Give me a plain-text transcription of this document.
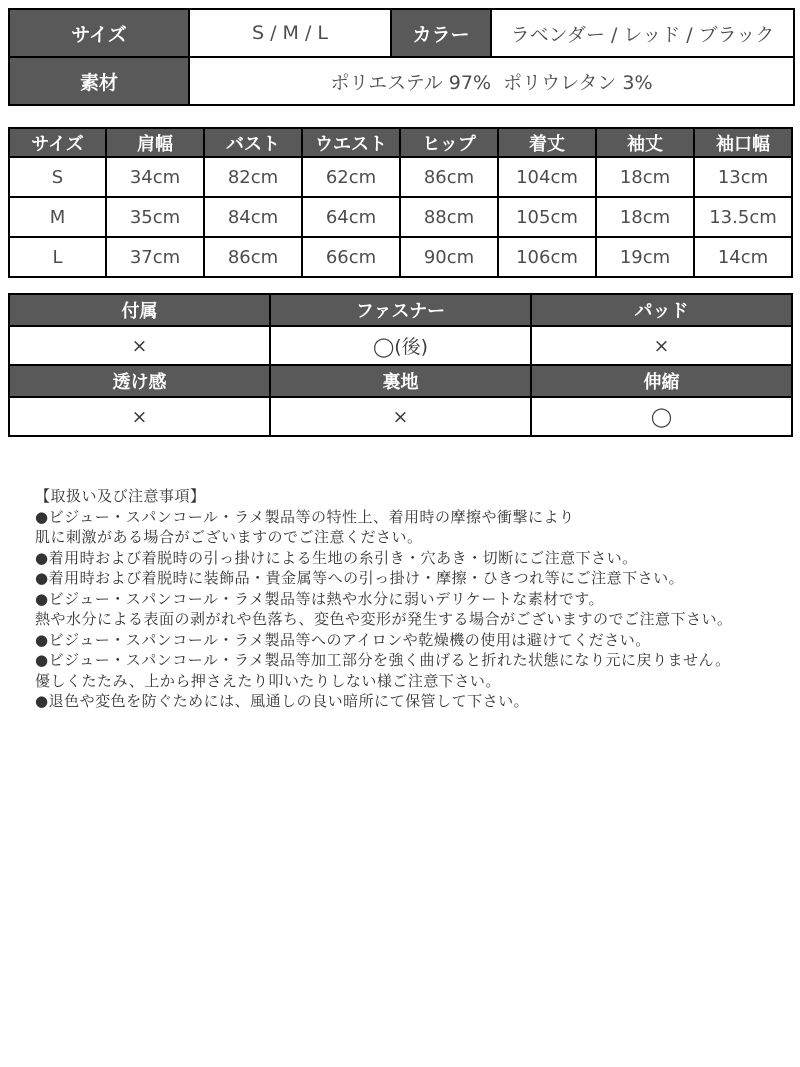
サイズ	S / M / L	カラー	ラベンダー / レッド / ブラック
素材	ポリエステル 97%  ポリウレタン 3%		
サイズ	肩幅	バスト	ウエスト	ヒップ	着丈	袖丈	袖口幅
S	34cm	82cm	62cm	86cm	104cm	18cm	13cm
M	35cm	84cm	64cm	88cm	105cm	18cm	13.5cm
L	37cm	86cm	66cm	90cm	106cm	19cm	14cm
付属	ファスナー	パッド
×	◯(後)	×
透け感	裏地	伸縮
×	×	◯
【取扱い及び注意事項】
●ビジュー・スパンコール・ラメ製品等の特性上、着用時の摩擦や衝撃により
肌に刺激がある場合がございますのでご注意ください。
●着用時および着脱時の引っ掛けによる生地の糸引き・穴あき・切断にご注意下さい。
●着用時および着脱時に装飾品・貴金属等への引っ掛け・摩擦・ひきつれ等にご注意下さい。
●ビジュー・スパンコール・ラメ製品等は熱や水分に弱いデリケートな素材です。
熱や水分による表面の剥がれや色落ち、変色や変形が発生する場合がございますのでご注意下さい。
●ビジュー・スパンコール・ラメ製品等へのアイロンや乾燥機の使用は避けてください。
●ビジュー・スパンコール・ラメ製品等加工部分を強く曲げると折れた状態になり元に戻りません。
優しくたたみ、上から押さえたり叩いたりしない様ご注意下さい。
●退色や変色を防ぐためには、風通しの良い暗所にて保管して下さい。
